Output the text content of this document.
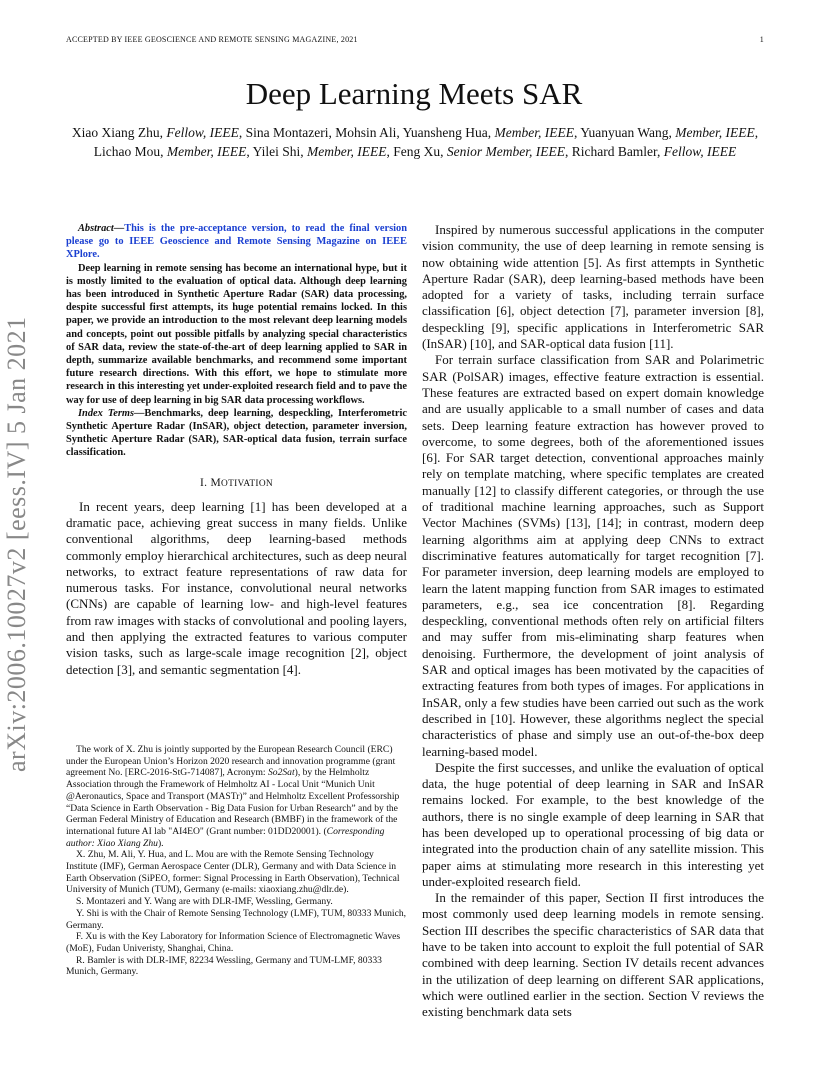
ACCEPTED BY IEEE GEOSCIENCE AND REMOTE SENSING MAGAZINE, 2021	1
Deep Learning Meets SAR
Xiao Xiang Zhu, Fellow, IEEE, Sina Montazeri, Mohsin Ali, Yuansheng Hua, Member, IEEE, Yuanyuan Wang, Member, IEEE, Lichao Mou, Member, IEEE, Yilei Shi, Member, IEEE, Feng Xu, Senior Member, IEEE, Richard Bamler, Fellow, IEEE
arXiv:2006.10027v2 [eess.IV] 5 Jan 2021

Abstract—This is the pre-acceptance version, to read the final version please go to IEEE Geoscience and Remote Sensing Magazine on IEEE XPlore.

Deep learning in remote sensing has become an international hype, but it is mostly limited to the evaluation of optical data. Although deep learning has been introduced in Synthetic Aperture Radar (SAR) data processing, despite successful first attempts, its huge potential remains locked. In this paper, we provide an introduction to the most relevant deep learning models and concepts, point out possible pitfalls by analyzing special characteristics of SAR data, review the state-of-the-art of deep learning applied to SAR in depth, summarize available benchmarks, and recommend some important future research directions. With this effort, we hope to stimulate more research in this interesting yet under-exploited research field and to pave the way for use of deep learning in big SAR data processing workflows.

Index Terms—Benchmarks, deep learning, despeckling, Interferometric Synthetic Aperture Radar (InSAR), object detection, parameter inversion, Synthetic Aperture Radar (SAR), SAR-optical data fusion, terrain surface classification.

I. MOTIVATION

In recent years, deep learning [1] has been developed at a dramatic pace, achieving great success in many fields. Unlike conventional algorithms, deep learning-based methods commonly employ hierarchical architectures, such as deep neural networks, to extract feature representations of raw data for numerous tasks. For instance, convolutional neural networks (CNNs) are capable of learning low- and high-level features from raw images with stacks of convolutional and pooling layers, and then applying the extracted features to various computer vision tasks, such as large-scale image recognition [2], object detection [3], and semantic segmentation [4].

The work of X. Zhu is jointly supported by the European Research Council (ERC) under the European Union’s Horizon 2020 research and innovation programme (grant agreement No. [ERC-2016-StG-714087], Acronym: So2Sat), by the Helmholtz Association through the Framework of Helmholtz AI - Local Unit “Munich Unit @Aeronautics, Space and Transport (MASTr)” and Helmholtz Excellent Professorship “Data Science in Earth Observation - Big Data Fusion for Urban Research” and by the German Federal Ministry of Education and Research (BMBF) in the framework of the international future AI lab "AI4EO" (Grant number: 01DD20001). (Corresponding author: Xiao Xiang Zhu).

X. Zhu, M. Ali, Y. Hua, and L. Mou are with the Remote Sensing Technology Institute (IMF), German Aerospace Center (DLR), Germany and with Data Science in Earth Observation (SiPEO, former: Signal Processing in Earth Observation), Technical University of Munich (TUM), Germany (e-mails: xiaoxiang.zhu@dlr.de).

S. Montazeri and Y. Wang are with DLR-IMF, Wessling, Germany.

Y. Shi is with the Chair of Remote Sensing Technology (LMF), TUM, 80333 Munich, Germany.

F. Xu is with the Key Laboratory for Information Science of Electromagnetic Waves (MoE), Fudan Univeristy, Shanghai, China.

R. Bamler is with DLR-IMF, 82234 Wessling, Germany and TUM-LMF, 80333 Munich, Germany.

Inspired by numerous successful applications in the computer vision community, the use of deep learning in remote sensing is now obtaining wide attention [5]. As first attempts in Synthetic Aperture Radar (SAR), deep learning-based methods have been adopted for a variety of tasks, including terrain surface classification [6], object detection [7], parameter inversion [8], despeckling [9], specific applications in Interferometric SAR (InSAR) [10], and SAR-optical data fusion [11].

For terrain surface classification from SAR and Polarimetric SAR (PolSAR) images, effective feature extraction is essential. These features are extracted based on expert domain knowledge and are usually applicable to a small number of cases and data sets. Deep learning feature extraction has however proved to overcome, to some degrees, both of the aforementioned issues [6]. For SAR target detection, conventional approaches mainly rely on template matching, where specific templates are created manually [12] to classify different categories, or through the use of traditional machine learning approaches, such as Support Vector Machines (SVMs) [13], [14]; in contrast, modern deep learning algorithms aim at applying deep CNNs to extract discriminative features automatically for target recognition [7]. For parameter inversion, deep learning models are employed to learn the latent mapping function from SAR images to estimated parameters, e.g., sea ice concentration [8]. Regarding despeckling, conventional methods often rely on artificial filters and may suffer from mis-eliminating sharp features when denoising. Furthermore, the development of joint analysis of SAR and optical images has been motivated by the capacities of extracting features from both types of images. For applications in InSAR, only a few studies have been carried out such as the work described in [10]. However, these algorithms neglect the special characteristics of phase and simply use an out-of-the-box deep learning-based model.

Despite the first successes, and unlike the evaluation of optical data, the huge potential of deep learning in SAR and InSAR remains locked. For example, to the best knowledge of the authors, there is no single example of deep learning in SAR that has been developed up to operational processing of big data or integrated into the production chain of any satellite mission. This paper aims at stimulating more research in this interesting yet under-exploited research field.

In the remainder of this paper, Section II first introduces the most commonly used deep learning models in remote sensing. Section III describes the specific characteristics of SAR data that have to be taken into account to exploit the full potential of SAR combined with deep learning. Section IV details recent advances in the utilization of deep learning on different SAR applications, which were outlined earlier in the section. Section V reviews the existing benchmark data sets
